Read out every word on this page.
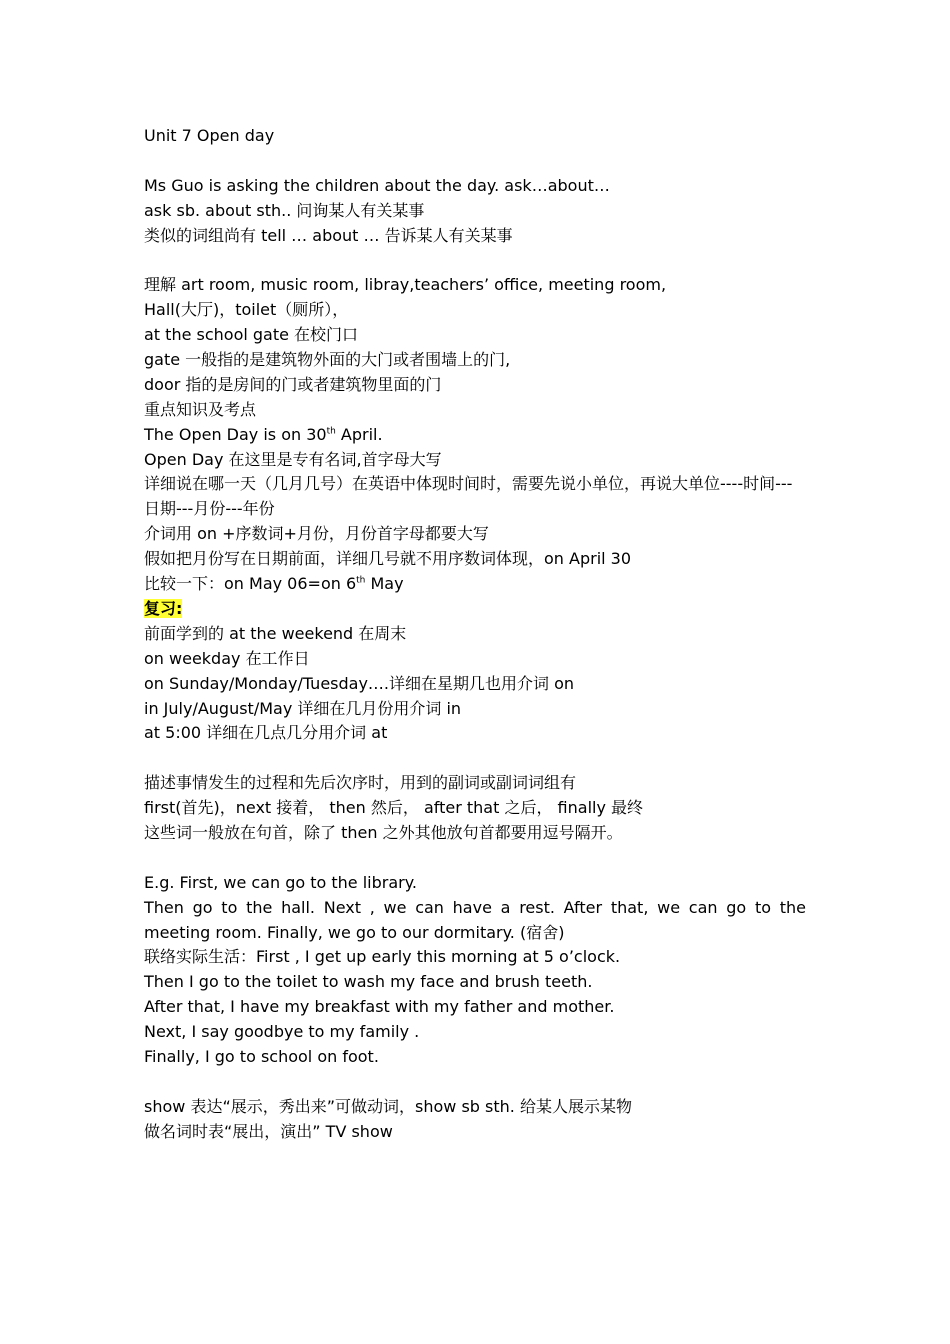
Unit 7 Open day
Ms Guo is asking the children about the day. ask…about…
ask sb. about sth.. 问询某人有关某事
类似的词组尚有 tell … about … 告诉某人有关某事
理解 art room, music room, libray,teachers’ office, meeting room,
Hall(大厅)，toilet（厕所），
at the school gate 在校门口
gate 一般指的是建筑物外面的大门或者围墙上的门,
door 指的是房间的门或者建筑物里面的门
重点知识及考点
The Open Day is on 30th April.
Open Day 在这里是专有名词,首字母大写
详细说在哪一天（几月几号）在英语中体现时间时，需要先说小单位，再说大单位----时间---日期---月份---年份
介词用 on +序数词+月份，月份首字母都要大写
假如把月份写在日期前面，详细几号就不用序数词体现，on April 30
比较一下：on May 06=on 6th May
复习:
前面学到的 at the weekend 在周末
on weekday 在工作日
on Sunday/Monday/Tuesday….详细在星期几也用介词 on
in July/August/May 详细在几月份用介词 in
at 5:00 详细在几点几分用介词 at
描述事情发生的过程和先后次序时，用到的副词或副词词组有
first(首先)，next 接着， then 然后， after that 之后， finally 最终
这些词一般放在句首，除了 then 之外其他放句首都要用逗号隔开。
E.g. First, we can go to the library.
Then go to the hall. Next , we can have a rest. After that, we can go to the meeting room. Finally, we go to our dormitary. (宿舍)
联络实际生活：First , I get up early this morning at 5 o’clock.
Then I go to the toilet to wash my face and brush teeth.
After that, I have my breakfast with my father and mother.
Next, I say goodbye to my family .
Finally, I go to school on foot.
show 表达“展示，秀出来”可做动词，show sb sth. 给某人展示某物
做名词时表“展出，演出” TV show
